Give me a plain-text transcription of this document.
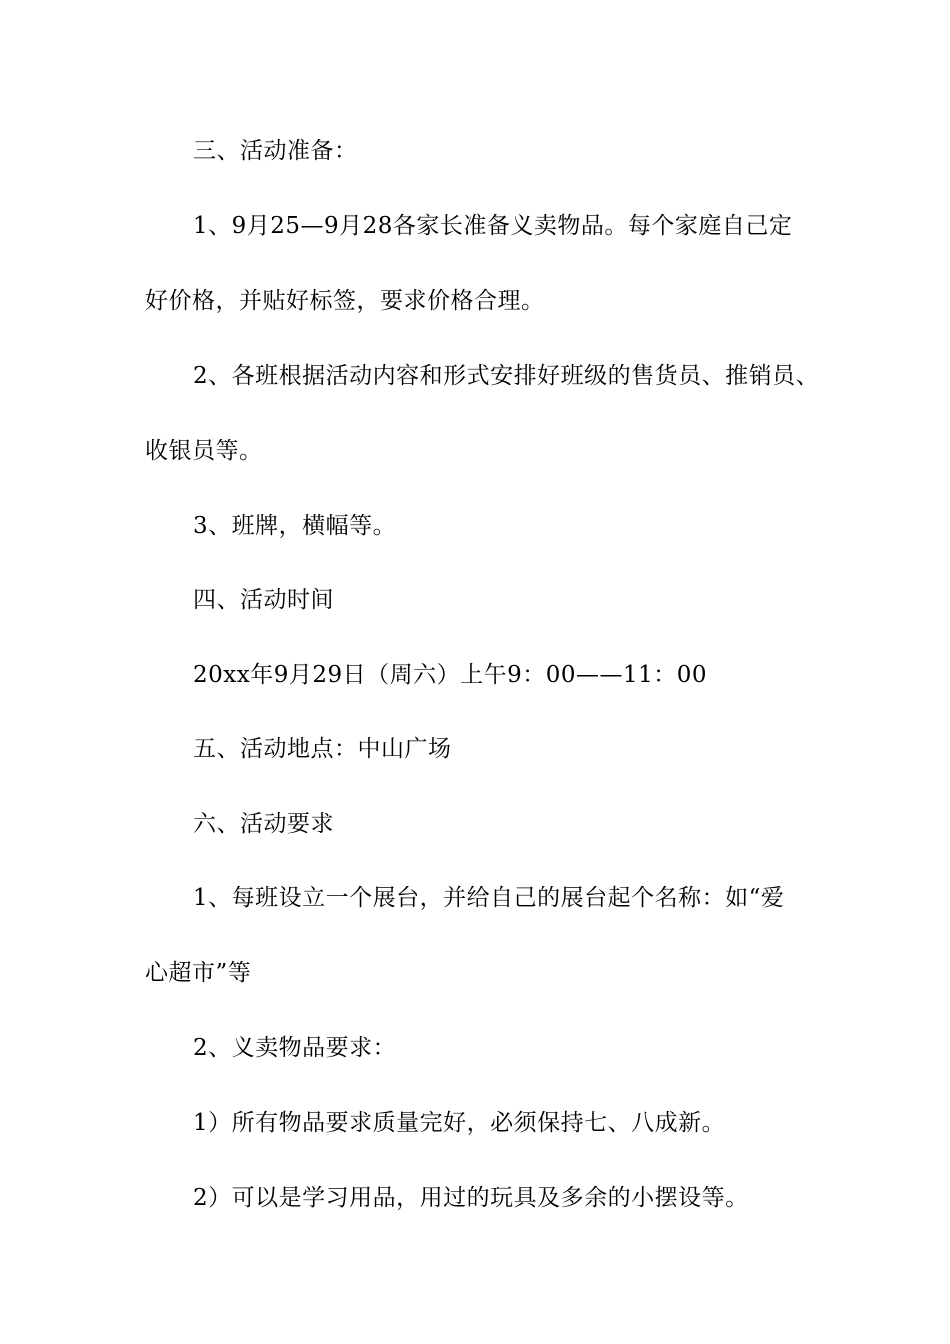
三、活动准备：
1、9月25—9月28各家长准备义卖物品。每个家庭自己定
好价格，并贴好标签，要求价格合理。
2、各班根据活动内容和形式安排好班级的售货员、推销员、
收银员等。
3、班牌，横幅等。
四、活动时间
20xx年9月29日（周六）上午9：00——11：00
五、活动地点：中山广场
六、活动要求
1、每班设立一个展台，并给自己的展台起个名称：如“爱
心超市”等
2、义卖物品要求：
1）所有物品要求质量完好，必须保持七、八成新。
2）可以是学习用品，用过的玩具及多余的小摆设等。
